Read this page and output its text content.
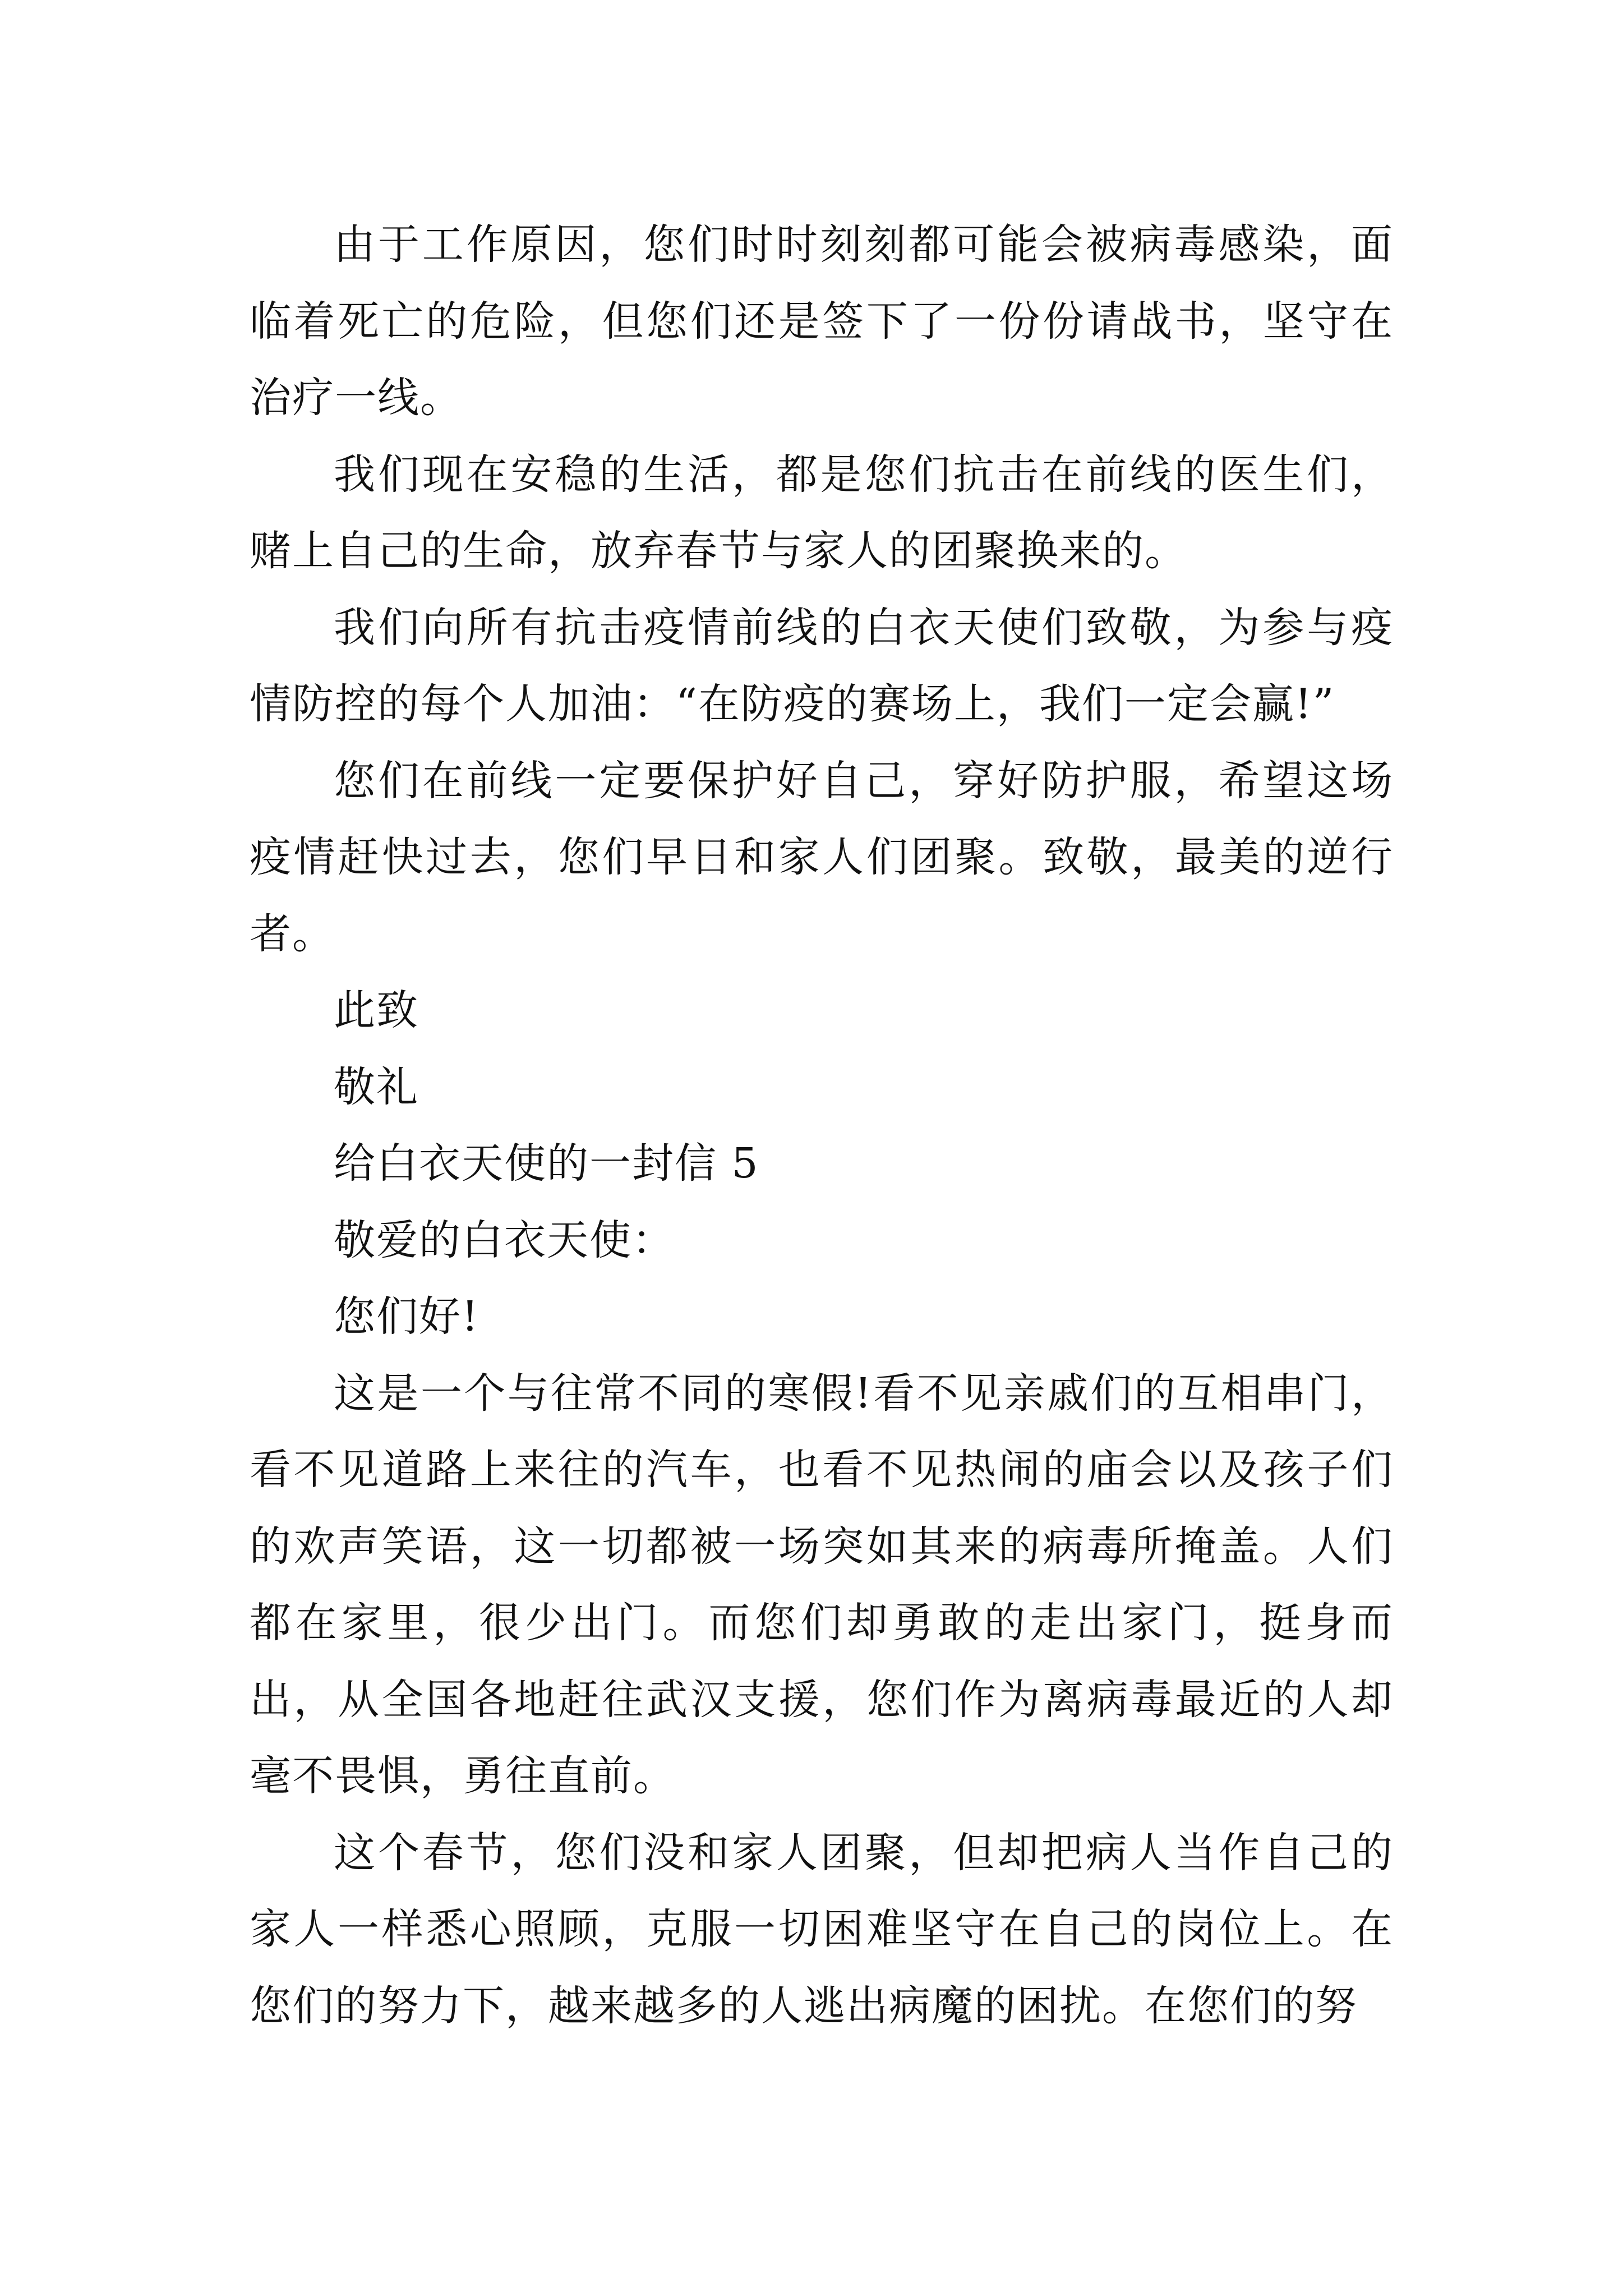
由于工作原因，您们时时刻刻都可能会被病毒感染，面临着死亡的危险，但您们还是签下了一份份请战书，坚守在治疗一线。

我们现在安稳的生活，都是您们抗击在前线的医生们，赌上自己的生命，放弃春节与家人的团聚换来的。

我们向所有抗击疫情前线的白衣天使们致敬，为参与疫情防控的每个人加油：“在防疫的赛场上，我们一定会赢!”

您们在前线一定要保护好自己，穿好防护服，希望这场疫情赶快过去，您们早日和家人们团聚。致敬，最美的逆行者。

此致

敬礼

给白衣天使的一封信 5

敬爱的白衣天使：

您们好!

这是一个与往常不同的寒假!看不见亲戚们的互相串门，看不见道路上来往的汽车，也看不见热闹的庙会以及孩子们的欢声笑语，这一切都被一场突如其来的病毒所掩盖。人们都在家里，很少出门。而您们却勇敢的走出家门，挺身而出，从全国各地赶往武汉支援，您们作为离病毒最近的人却毫不畏惧，勇往直前。

这个春节，您们没和家人团聚，但却把病人当作自己的家人一样悉心照顾，克服一切困难坚守在自己的岗位上。在您们的努力下，越来越多的人逃出病魔的困扰。在您们的努
